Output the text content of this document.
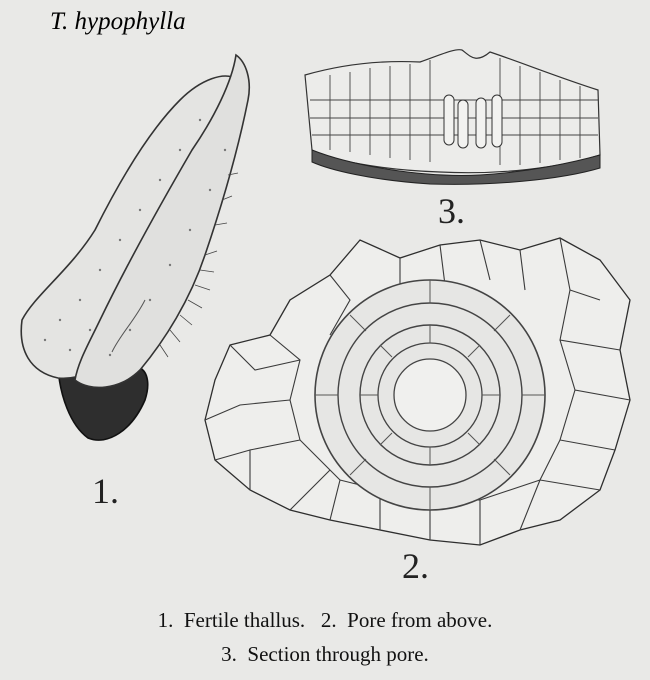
T. hypophylla
1.
3.
2.
1.  Fertile thallus.   2.  Pore from above.
3.  Section through pore.
